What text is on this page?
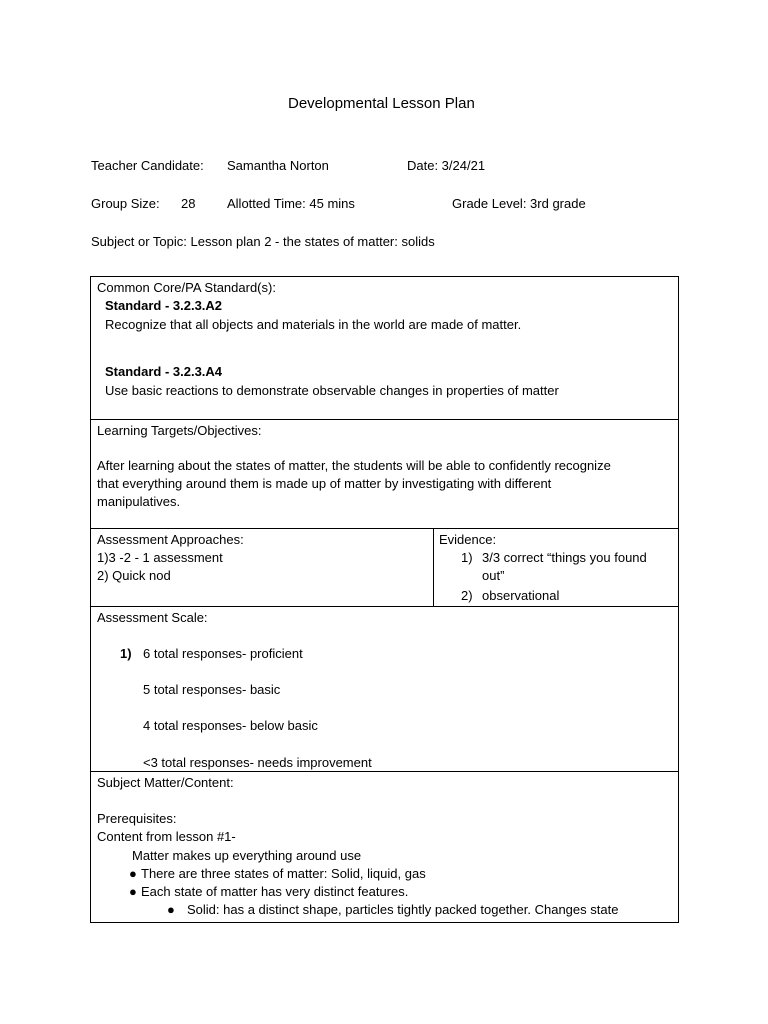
Developmental Lesson Plan
Teacher Candidate: Samantha Norton	Date: 3/24/21
Group Size: 28 Allotted Time: 45 mins	Grade Level: 3rd grade
Subject or Topic: Lesson plan 2 - the states of matter: solids
Common Core/PA Standard(s):
Standard - 3.2.3.A2
Recognize that all objects and materials in the world are made of matter.
Standard - 3.2.3.A4
Use basic reactions to demonstrate observable changes in properties of matter
Learning Targets/Objectives:
After learning about the states of matter, the students will be able to confidently recognize
that everything around them is made up of matter by investigating with different
manipulatives.
Assessment Approaches:
1)3 -2 - 1 assessment
2) Quick nod
Evidence:
1) 3/3 correct “things you found
out”
2) observational
Assessment Scale:
1) 6 total responses- proficient
5 total responses- basic
4 total responses- below basic
<3 total responses- needs improvement
Subject Matter/Content:
Prerequisites:
Content from lesson #1-
Matter makes up everything around use
● There are three states of matter: Solid, liquid, gas
● Each state of matter has very distinct features.
● Solid: has a distinct shape, particles tightly packed together. Changes state
